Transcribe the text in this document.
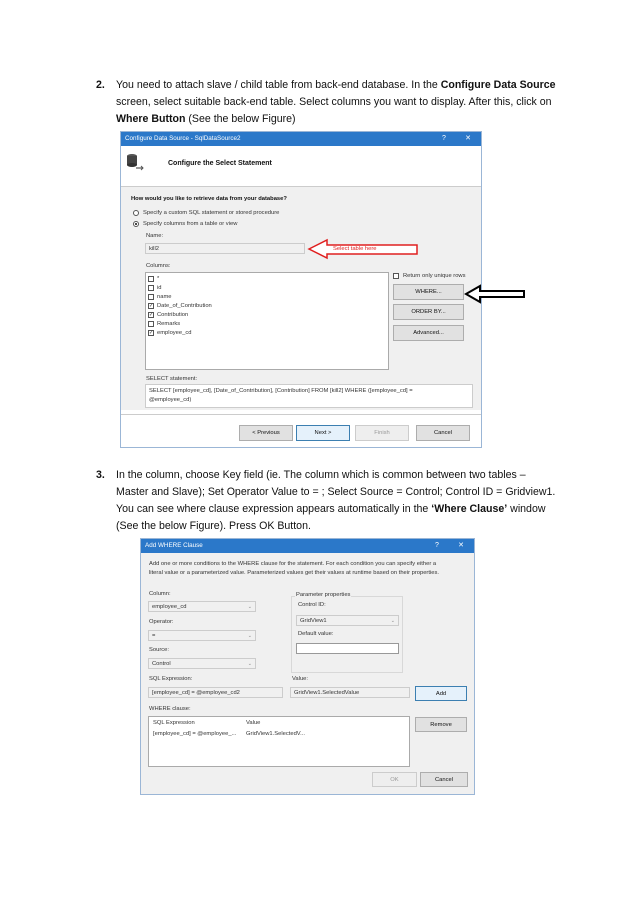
2. You need to attach slave / child table from back-end database. In the Configure Data Source
screen, select suitable back-end table. Select columns you want to display. After this, click on
Where Button (See the below Figure)
Configure Data Source - SqlDataSource2	?	✕
Configure the Select Statement
How would you like to retrieve data from your database?
Specify a custom SQL statement or stored procedure
Specify columns from a table or view
Name:
kill2	Select table here
Columns:
*
id
name
✓ Date_of_Contribution
✓ Contribution
Remarks
✓ employee_cd
Return only unique rows
WHERE...
ORDER BY...
Advanced...
SELECT statement:
SELECT [employee_cd], [Date_of_Contribution], [Contribution] FROM [kill2] WHERE ([employee_cd] =
@employee_cd)
< Previous	Next >	Finish	Cancel
3. In the column, choose Key field (ie. The column which is common between two tables –
Master and Slave); Set Operator Value to = ; Select Source = Control; Control ID = Gridview1.
You can see where clause expression appears automatically in the ‘Where Clause’ window
(See the below Figure). Press OK Button.
Add WHERE Clause	?	✕
Add one or more conditions to the WHERE clause for the statement. For each condition you can specify either a
literal value or a parameterized value. Parameterized values get their values at runtime based on their properties.
Column:
employee_cd	⌄
Operator:
=	⌄
Source:
Control	⌄
Parameter properties
Control ID:
GridView1	⌄
Default value:
SQL Expression:
[employee_cd] = @employee_cd2
Value:
GridView1.SelectedValue	Add
WHERE clause:
SQL Expression	Value
[employee_cd] = @employee_... GridView1.SelectedV...
Remove
OK	Cancel
